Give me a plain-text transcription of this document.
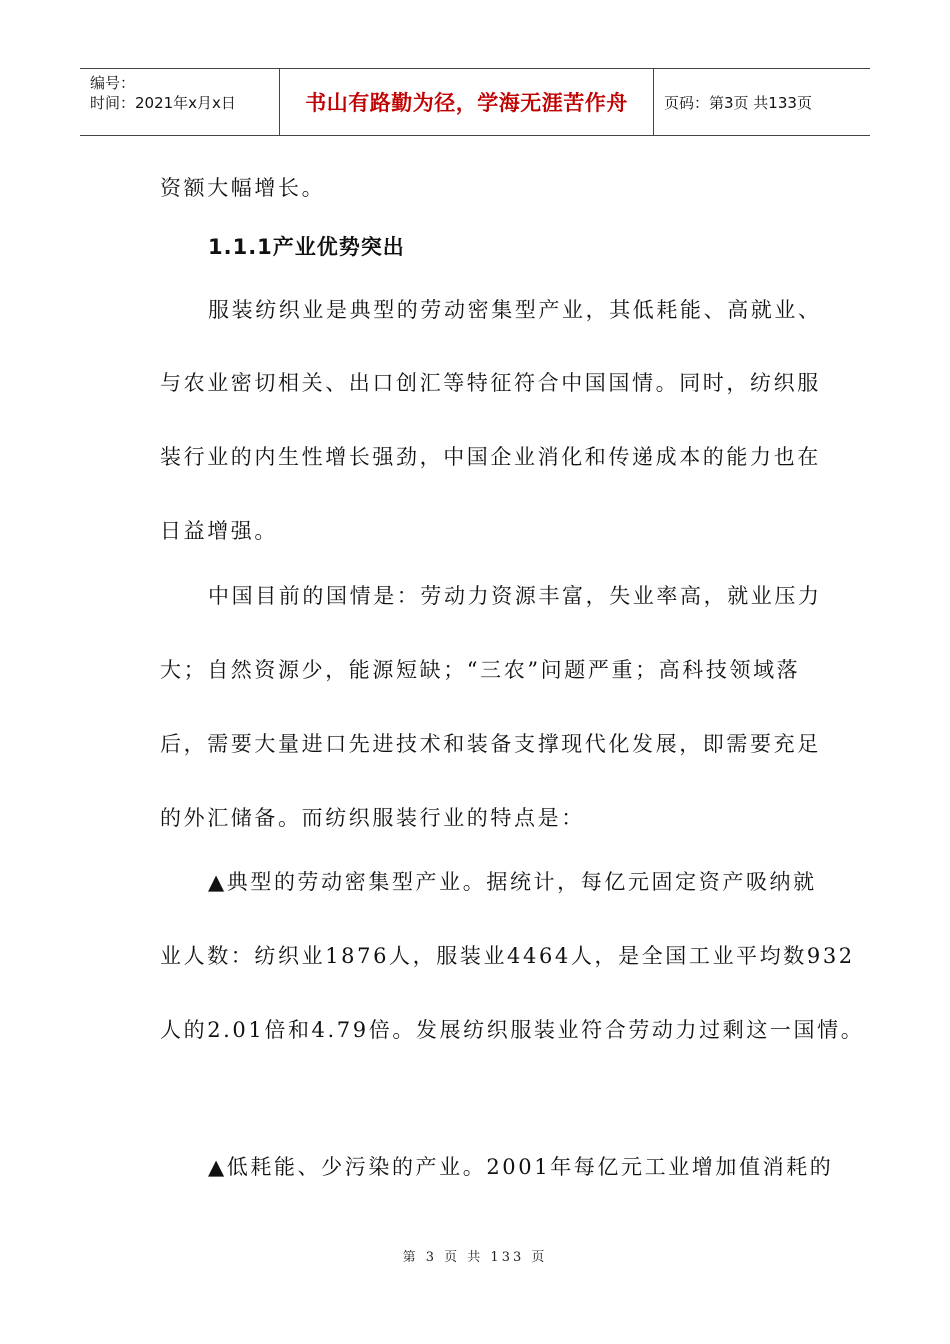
编号：
时间：2021年x月x日	书山有路勤为径，学海无涯苦作舟	页码：第3页 共133页
资额大幅增长。
1.1.1产业优势突出
服装纺织业是典型的劳动密集型产业，其低耗能、高就业、
与农业密切相关、出口创汇等特征符合中国国情。同时，纺织服
装行业的内生性增长强劲，中国企业消化和传递成本的能力也在
日益增强。
中国目前的国情是：劳动力资源丰富，失业率高，就业压力
大；自然资源少，能源短缺；“三农”问题严重；高科技领域落
后，需要大量进口先进技术和装备支撑现代化发展，即需要充足
的外汇储备。而纺织服装行业的特点是：
▲典型的劳动密集型产业。据统计，每亿元固定资产吸纳就
业人数：纺织业1876人，服装业4464人，是全国工业平均数932
人的2.01倍和4.79倍。发展纺织服装业符合劳动力过剩这一国情。
▲低耗能、少污染的产业。2001年每亿元工业增加值消耗的
第 3 页 共 133 页
